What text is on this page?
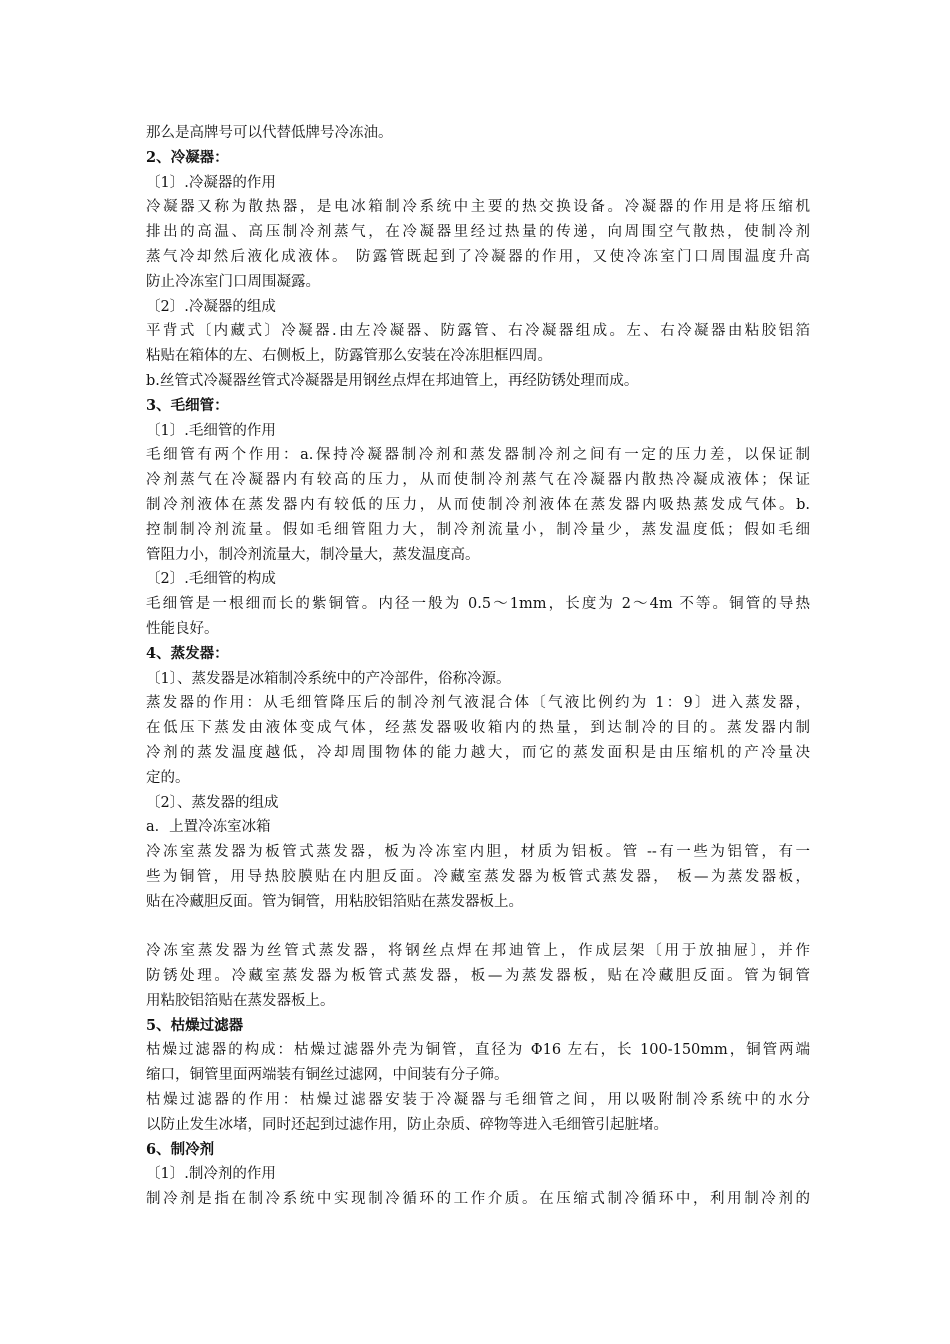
那么是高牌号可以代替低牌号冷冻油。
2、冷凝器：
〔1〕.冷凝器的作用
冷凝器又称为散热器，是电冰箱制冷系统中主要的热交换设备。冷凝器的作用是将压缩机
排出的高温、高压制冷剂蒸气，在冷凝器里经过热量的传递，向周围空气散热，使制冷剂
蒸气冷却然后液化成液体。 防露管既起到了冷凝器的作用，又使冷冻室门口周围温度升高
防止冷冻室门口周围凝露。
〔2〕.冷凝器的组成
平背式〔内藏式〕冷凝器.由左冷凝器、防露管、右冷凝器组成。左、右冷凝器由粘胶铝箔
粘贴在箱体的左、右侧板上，防露管那么安装在冷冻胆框四周。
b.丝管式冷凝器丝管式冷凝器是用钢丝点焊在邦迪管上，再经防锈处理而成。
3、毛细管：
〔1〕.毛细管的作用
毛细管有两个作用：a.保持冷凝器制冷剂和蒸发器制冷剂之间有一定的压力差，以保证制
冷剂蒸气在冷凝器内有较高的压力，从而使制冷剂蒸气在冷凝器内散热冷凝成液体；保证
制冷剂液体在蒸发器内有较低的压力，从而使制冷剂液体在蒸发器内吸热蒸发成气体。b.
控制制冷剂流量。假如毛细管阻力大，制冷剂流量小，制冷量少，蒸发温度低；假如毛细
管阻力小，制冷剂流量大，制冷量大，蒸发温度高。
〔2〕.毛细管的构成
毛细管是一根细而长的紫铜管。内径一般为 0.5～1mm，长度为 2～4m 不等。铜管的导热
性能良好。
4、蒸发器：
〔1〕、蒸发器是冰箱制冷系统中的产冷部件，俗称冷源。
蒸发器的作用：从毛细管降压后的制冷剂气液混合体〔气液比例约为 1：9〕进入蒸发器，
在低压下蒸发由液体变成气体，经蒸发器吸收箱内的热量，到达制冷的目的。蒸发器内制
冷剂的蒸发温度越低，冷却周围物体的能力越大，而它的蒸发面积是由压缩机的产冷量决
定的。
〔2〕、蒸发器的组成
a．上置冷冻室冰箱
冷冻室蒸发器为板管式蒸发器，板为冷冻室内胆，材质为铝板。管 --有一些为铝管，有一
些为铜管，用导热胶膜贴在内胆反面。冷藏室蒸发器为板管式蒸发器， 板—为蒸发器板，
贴在冷藏胆反面。管为铜管，用粘胶铝箔贴在蒸发器板上。
冷冻室蒸发器为丝管式蒸发器，将钢丝点焊在邦迪管上，作成层架〔用于放抽屉〕，并作
防锈处理。冷藏室蒸发器为板管式蒸发器，板—为蒸发器板，贴在冷藏胆反面。管为铜管
用粘胶铝箔贴在蒸发器板上。
5、枯燥过滤器
枯燥过滤器的构成：枯燥过滤器外壳为铜管，直径为 Φ16 左右，长 100-150mm，铜管两端
缩口，铜管里面两端装有铜丝过滤网，中间装有分子筛。
枯燥过滤器的作用：枯燥过滤器安装于冷凝器与毛细管之间，用以吸附制冷系统中的水分
以防止发生冰堵，同时还起到过滤作用，防止杂质、碎物等进入毛细管引起脏堵。
6、制冷剂
〔1〕.制冷剂的作用
制冷剂是指在制冷系统中实现制冷循环的工作介质。在压缩式制冷循环中，利用制冷剂的
